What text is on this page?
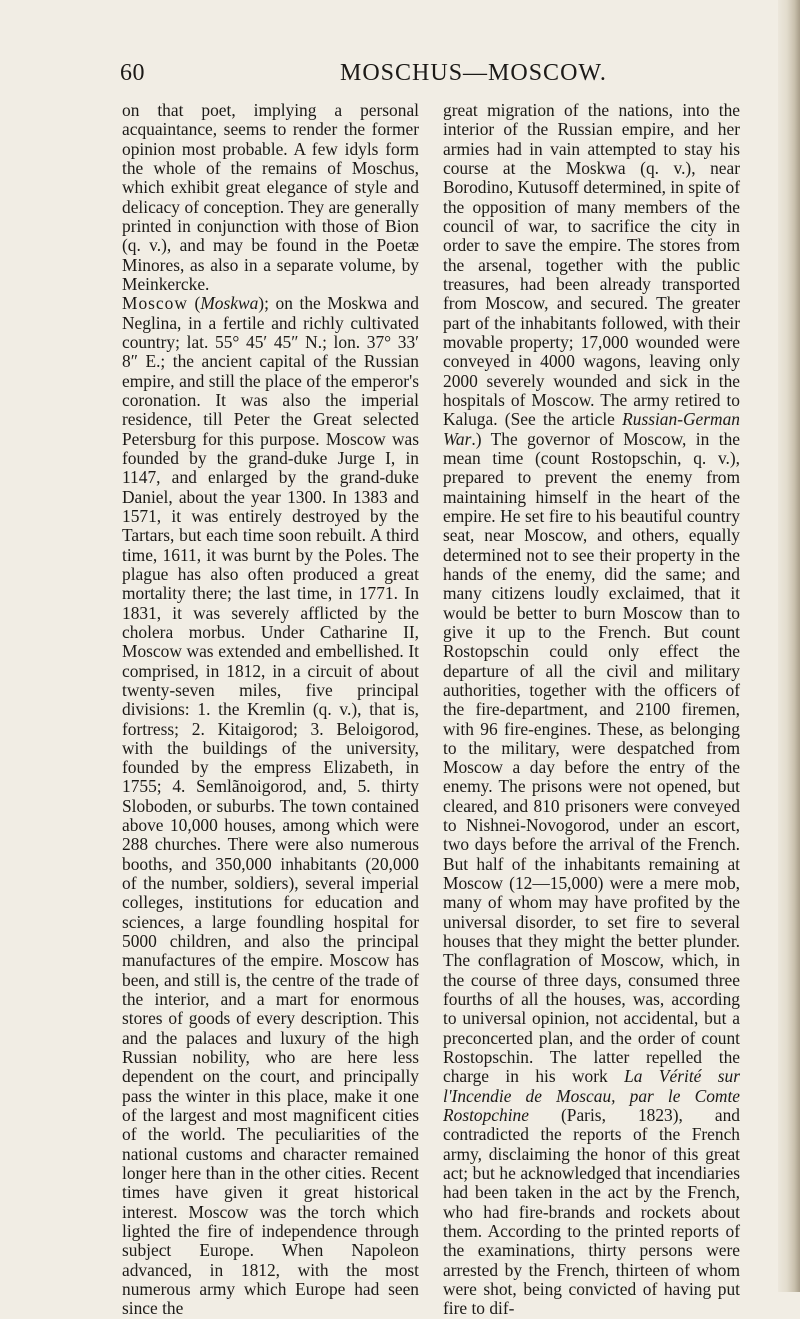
60	MOSCHUS—MOSCOW.

on that poet, implying a personal acquaintance, seems to render the former opinion most probable. A few idyls form the whole of the remains of Moschus, which exhibit great elegance of style and delicacy of conception. They are generally printed in conjunction with those of Bion (q. v.), and may be found in the Poetæ Minores, as also in a separate volume, by Meinkercke.

Moscow (Moskwa); on the Moskwa and Neglina, in a fertile and richly cultivated country; lat. 55° 45′ 45″ N.; lon. 37° 33′ 8″ E.; the ancient capital of the Russian empire, and still the place of the emperor's coronation. It was also the imperial residence, till Peter the Great selected Petersburg for this purpose. Moscow was founded by the grand-duke Jurge I, in 1147, and enlarged by the grand-duke Daniel, about the year 1300. In 1383 and 1571, it was entirely destroyed by the Tartars, but each time soon rebuilt. A third time, 1611, it was burnt by the Poles. The plague has also often produced a great mortality there; the last time, in 1771. In 1831, it was severely afflicted by the cholera morbus. Under Catharine II, Moscow was extended and embellished. It comprised, in 1812, in a circuit of about twenty-seven miles, five principal divisions: 1. the Kremlin (q. v.), that is, fortress; 2. Kitaigorod; 3. Beloigorod, with the buildings of the university, founded by the empress Elizabeth, in 1755; 4. Semlãnoigorod, and, 5. thirty Sloboden, or suburbs. The town contained above 10,000 houses, among which were 288 churches. There were also numerous booths, and 350,000 inhabitants (20,000 of the number, soldiers), several imperial colleges, institutions for education and sciences, a large foundling hospital for 5000 children, and also the principal manufactures of the empire. Moscow has been, and still is, the centre of the trade of the interior, and a mart for enormous stores of goods of every description. This and the palaces and luxury of the high Russian nobility, who are here less dependent on the court, and principally pass the winter in this place, make it one of the largest and most magnificent cities of the world. The peculiarities of the national customs and character remained longer here than in the other cities. Recent times have given it great historical interest. Moscow was the torch which lighted the fire of independence through subject Europe. When Napoleon advanced, in 1812, with the most numerous army which Europe had seen since the

great migration of the nations, into the interior of the Russian empire, and her armies had in vain attempted to stay his course at the Moskwa (q. v.), near Borodino, Kutusoff determined, in spite of the opposition of many members of the council of war, to sacrifice the city in order to save the empire. The stores from the arsenal, together with the public treasures, had been already transported from Moscow, and secured. The greater part of the inhabitants followed, with their movable property; 17,000 wounded were conveyed in 4000 wagons, leaving only 2000 severely wounded and sick in the hospitals of Moscow. The army retired to Kaluga. (See the article Russian-German War.) The governor of Moscow, in the mean time (count Rostopschin, q. v.), prepared to prevent the enemy from maintaining himself in the heart of the empire. He set fire to his beautiful country seat, near Moscow, and others, equally determined not to see their property in the hands of the enemy, did the same; and many citizens loudly exclaimed, that it would be better to burn Moscow than to give it up to the French. But count Rostopschin could only effect the departure of all the civil and military authorities, together with the officers of the fire-department, and 2100 firemen, with 96 fire-engines. These, as belonging to the military, were despatched from Moscow a day before the entry of the enemy. The prisons were not opened, but cleared, and 810 prisoners were conveyed to Nishnei-Novogorod, under an escort, two days before the arrival of the French. But half of the inhabitants remaining at Moscow (12—15,000) were a mere mob, many of whom may have profited by the universal disorder, to set fire to several houses that they might the better plunder. The conflagration of Moscow, which, in the course of three days, consumed three fourths of all the houses, was, according to universal opinion, not accidental, but a preconcerted plan, and the order of count Rostopschin. The latter repelled the charge in his work La Vérité sur l'Incendie de Moscau, par le Comte Rostopchine (Paris, 1823), and contradicted the reports of the French army, disclaiming the honor of this great act; but he acknowledged that incendiaries had been taken in the act by the French, who had fire-brands and rockets about them. According to the printed reports of the examinations, thirty persons were arrested by the French, thirteen of whom were shot, being convicted of having put fire to dif-
